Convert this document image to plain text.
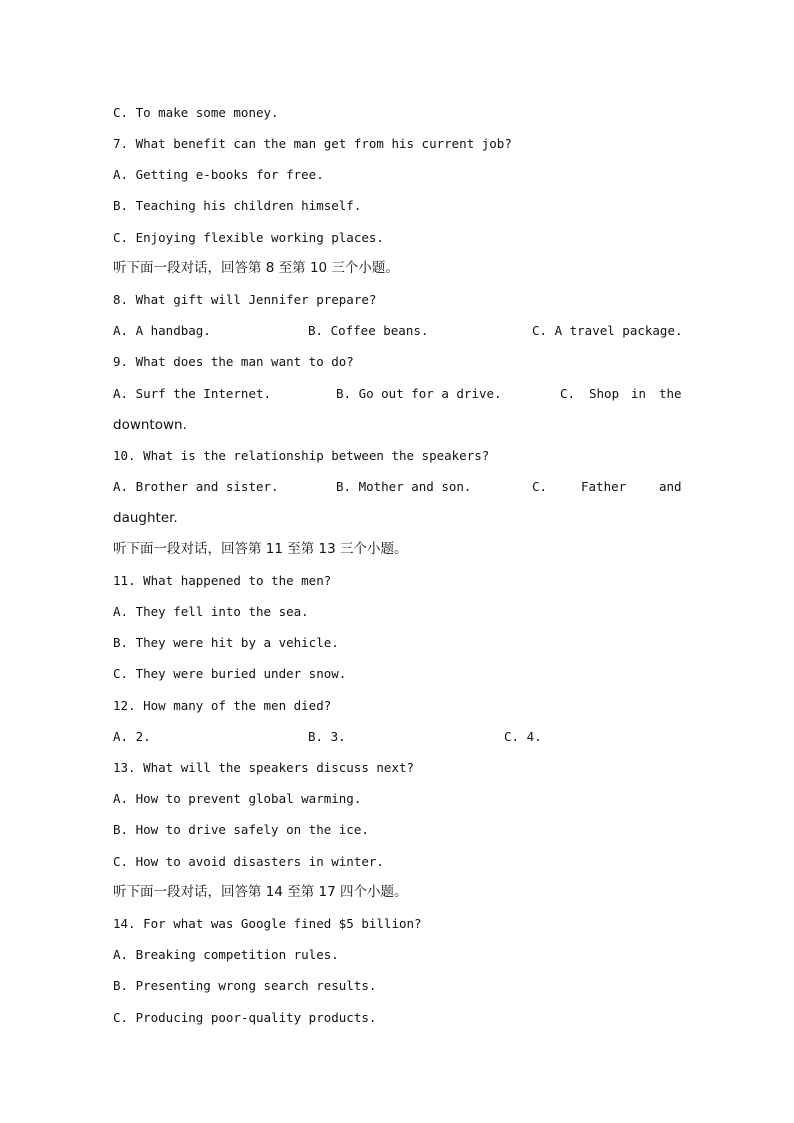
C. To make some money.
7. What benefit can the man get from his current job?
A. Getting e-books for free.
B. Teaching his children himself.
C. Enjoying flexible working places.
听下面一段对话，回答第 8 至第 10 三个小题。
8. What gift will Jennifer prepare?
A. A handbag.	B. Coffee beans.	C. A travel package.
9. What does the man want to do?
A. Surf the Internet.	B. Go out for a drive.	C. Shop in the
downtown.
10. What is the relationship between the speakers?
A. Brother and sister.	B. Mother and son.	C.	Father	and
daughter.
听下面一段对话，回答第 11 至第 13 三个小题。
11. What happened to the men?
A. They fell into the sea.
B. They were hit by a vehicle.
C. They were buried under snow.
12. How many of the men died?
A. 2.	B. 3.	C. 4.
13. What will the speakers discuss next?
A. How to prevent global warming.
B. How to drive safely on the ice.
C. How to avoid disasters in winter.
听下面一段对话，回答第 14 至第 17 四个小题。
14. For what was Google fined $5 billion?
A. Breaking competition rules.
B. Presenting wrong search results.
C. Producing poor-quality products.
